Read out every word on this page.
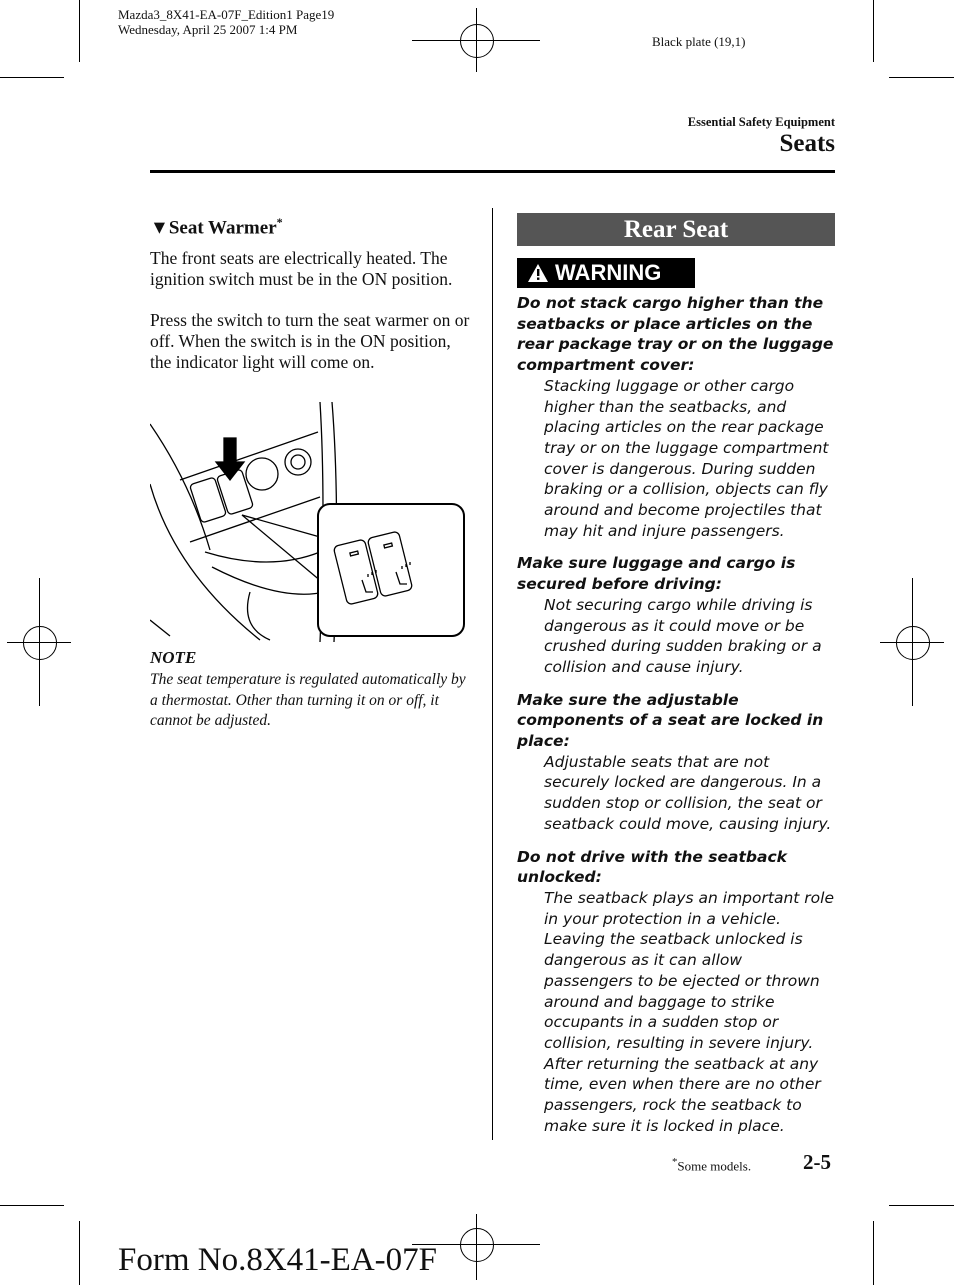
Mazda3_8X41-EA-07F_Edition1 Page19
Wednesday, April 25 2007 1:4 PM
Black plate (19,1)
Essential Safety Equipment
Seats

▼Seat Warmer*

The front seats are electrically heated. The ignition switch must be in the ON position.

Press the switch to turn the seat warmer on or off. When the switch is in the ON position, the indicator light will come on.

NOTE

The seat temperature is regulated automatically by a thermostat. Other than turning it on or off, it cannot be adjusted.

Rear Seat
WARNING

Do not stack cargo higher than the seatbacks or place articles on the rear package tray or on the luggage compartment cover:

Stacking luggage or other cargo higher than the seatbacks, and placing articles on the rear package tray or on the luggage compartment cover is dangerous. During sudden braking or a collision, objects can fly around and become projectiles that may hit and injure passengers.

Make sure luggage and cargo is secured before driving:

Not securing cargo while driving is dangerous as it could move or be crushed during sudden braking or a collision and cause injury.

Make sure the adjustable components of a seat are locked in place:

Adjustable seats that are not securely locked are dangerous. In a sudden stop or collision, the seat or seatback could move, causing injury.

Do not drive with the seatback unlocked:

The seatback plays an important role in your protection in a vehicle. Leaving the seatback unlocked is dangerous as it can allow passengers to be ejected or thrown around and baggage to strike occupants in a sudden stop or collision, resulting in severe injury. After returning the seatback at any time, even when there are no other passengers, rock the seatback to make sure it is locked in place.

*Some models. 2-5
Form No.8X41-EA-07F
